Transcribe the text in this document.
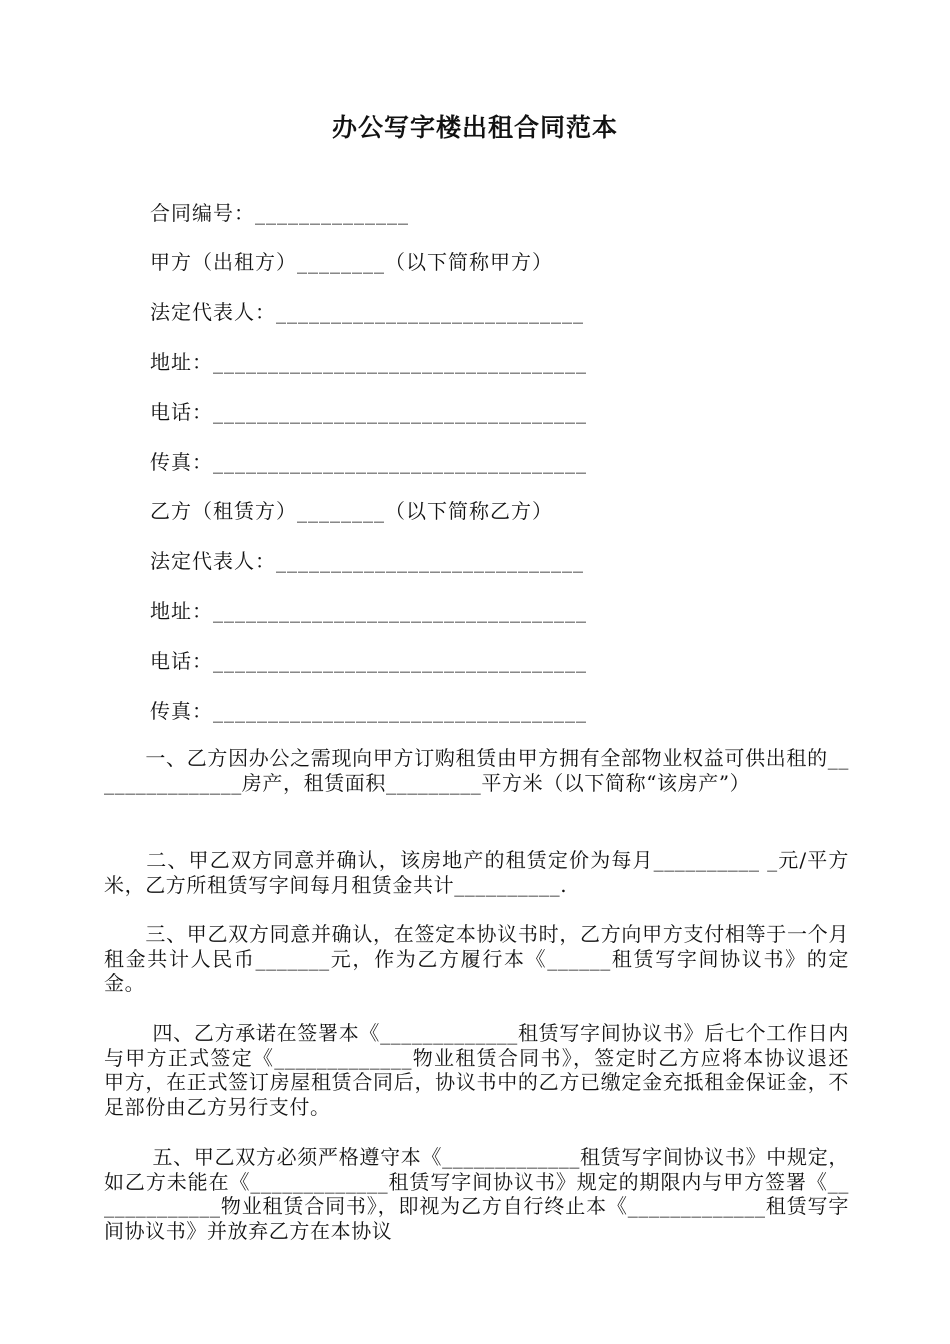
办公写字楼出租合同范本
合同编号：______________
甲方（出租方）________（以下简称甲方）
法定代表人：____________________________
地址：__________________________________
电话：__________________________________
传真：__________________________________
乙方（租赁方）________（以下简称乙方）
法定代表人：____________________________
地址：__________________________________
电话：__________________________________
传真：__________________________________

　　一、乙方因办公之需现向甲方订购租赁由甲方拥有全部物业权益可供出租的_______________房产，租赁面积_________平方米（以下简称“该房产”）

　　二、甲乙双方同意并确认，该房地产的租赁定价为每月__________ _元/平方米，乙方所租赁写字间每月租赁金共计__________.

　　三、甲乙双方同意并确认，在签定本协议书时，乙方向甲方支付相等于一个月租金共计人民币_______元，作为乙方履行本《______租赁写字间协议书》的定金。

　　 四、乙方承诺在签署本《_____________租赁写字间协议书》后七个工作日内与甲方正式签定《_____________物业租赁合同书》，签定时乙方应将本协议退还甲方，在正式签订房屋租赁合同后，协议书中的乙方已缴定金充抵租金保证金，不足部份由乙方另行支付。

　　 五、甲乙双方必须严格遵守本《_____________租赁写字间协议书》中规定，如乙方未能在《_____________租赁写字间协议书》规定的期限内与甲方签署《_____________物业租赁合同书》，即视为乙方自行终止本《_____________租赁写字间协议书》并放弃乙方在本协议
